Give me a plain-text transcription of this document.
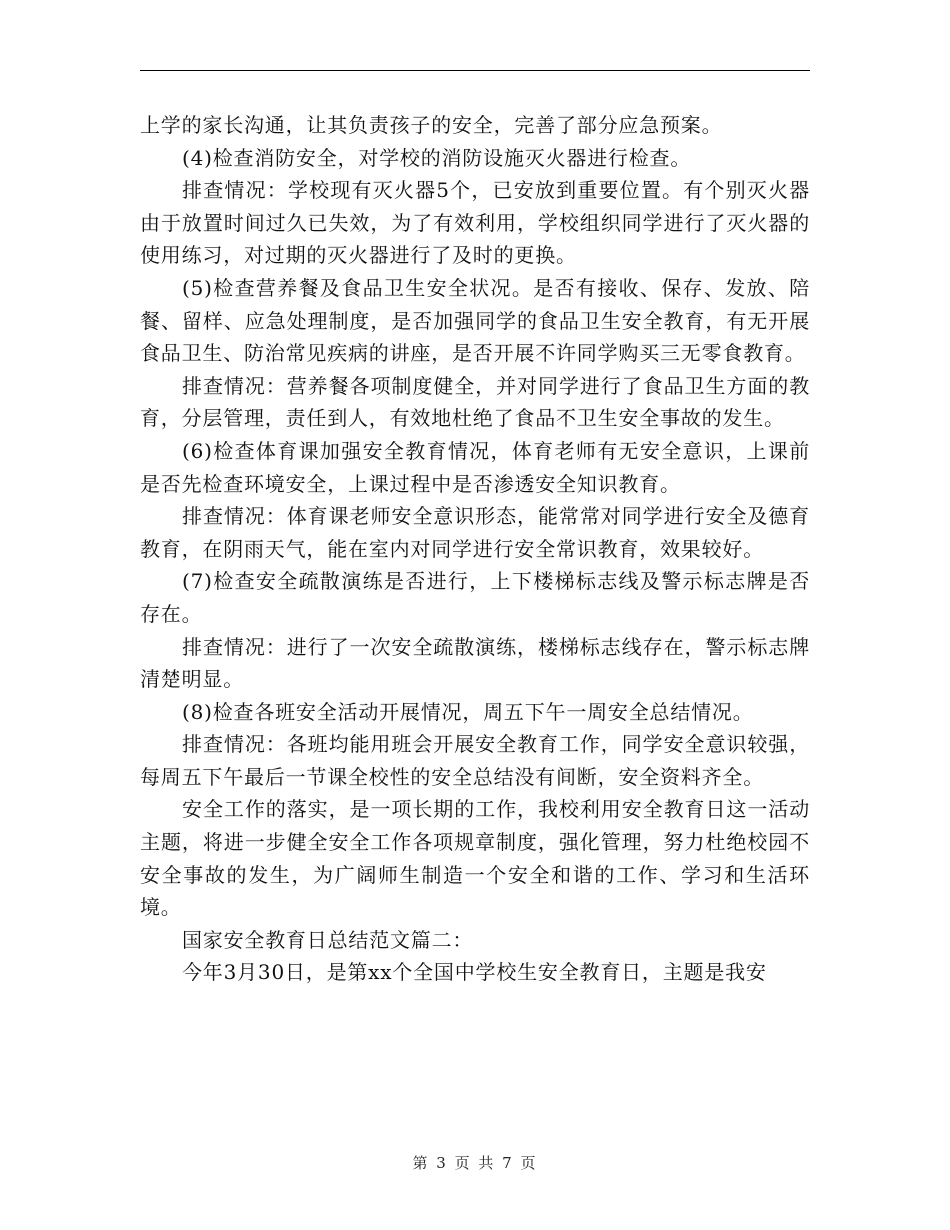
上学的家长沟通，让其负责孩子的安全，完善了部分应急预案。

(4)检查消防安全，对学校的消防设施灭火器进行检查。

排查情况：学校现有灭火器5个，已安放到重要位置。有个别灭火器由于放置时间过久已失效，为了有效利用，学校组织同学进行了灭火器的使用练习，对过期的灭火器进行了及时的更换。

(5)检查营养餐及食品卫生安全状况。是否有接收、保存、发放、陪餐、留样、应急处理制度，是否加强同学的食品卫生安全教育，有无开展食品卫生、防治常见疾病的讲座，是否开展不许同学购买三无零食教育。

排查情况：营养餐各项制度健全，并对同学进行了食品卫生方面的教育，分层管理，责任到人，有效地杜绝了食品不卫生安全事故的发生。

(6)检查体育课加强安全教育情况，体育老师有无安全意识，上课前是否先检查环境安全，上课过程中是否渗透安全知识教育。

排查情况：体育课老师安全意识形态，能常常对同学进行安全及德育教育，在阴雨天气，能在室内对同学进行安全常识教育，效果较好。

(7)检查安全疏散演练是否进行，上下楼梯标志线及警示标志牌是否存在。

排查情况：进行了一次安全疏散演练，楼梯标志线存在，警示标志牌清楚明显。

(8)检查各班安全活动开展情况，周五下午一周安全总结情况。

排查情况：各班均能用班会开展安全教育工作，同学安全意识较强，每周五下午最后一节课全校性的安全总结没有间断，安全资料齐全。

安全工作的落实，是一项长期的工作，我校利用安全教育日这一活动主题，将进一步健全安全工作各项规章制度，强化管理，努力杜绝校园不安全事故的发生，为广阔师生制造一个安全和谐的工作、学习和生活环境。

国家安全教育日总结范文篇二：

今年3月30日，是第xx个全国中学校生安全教育日，主题是我安

第 3 页 共 7 页
